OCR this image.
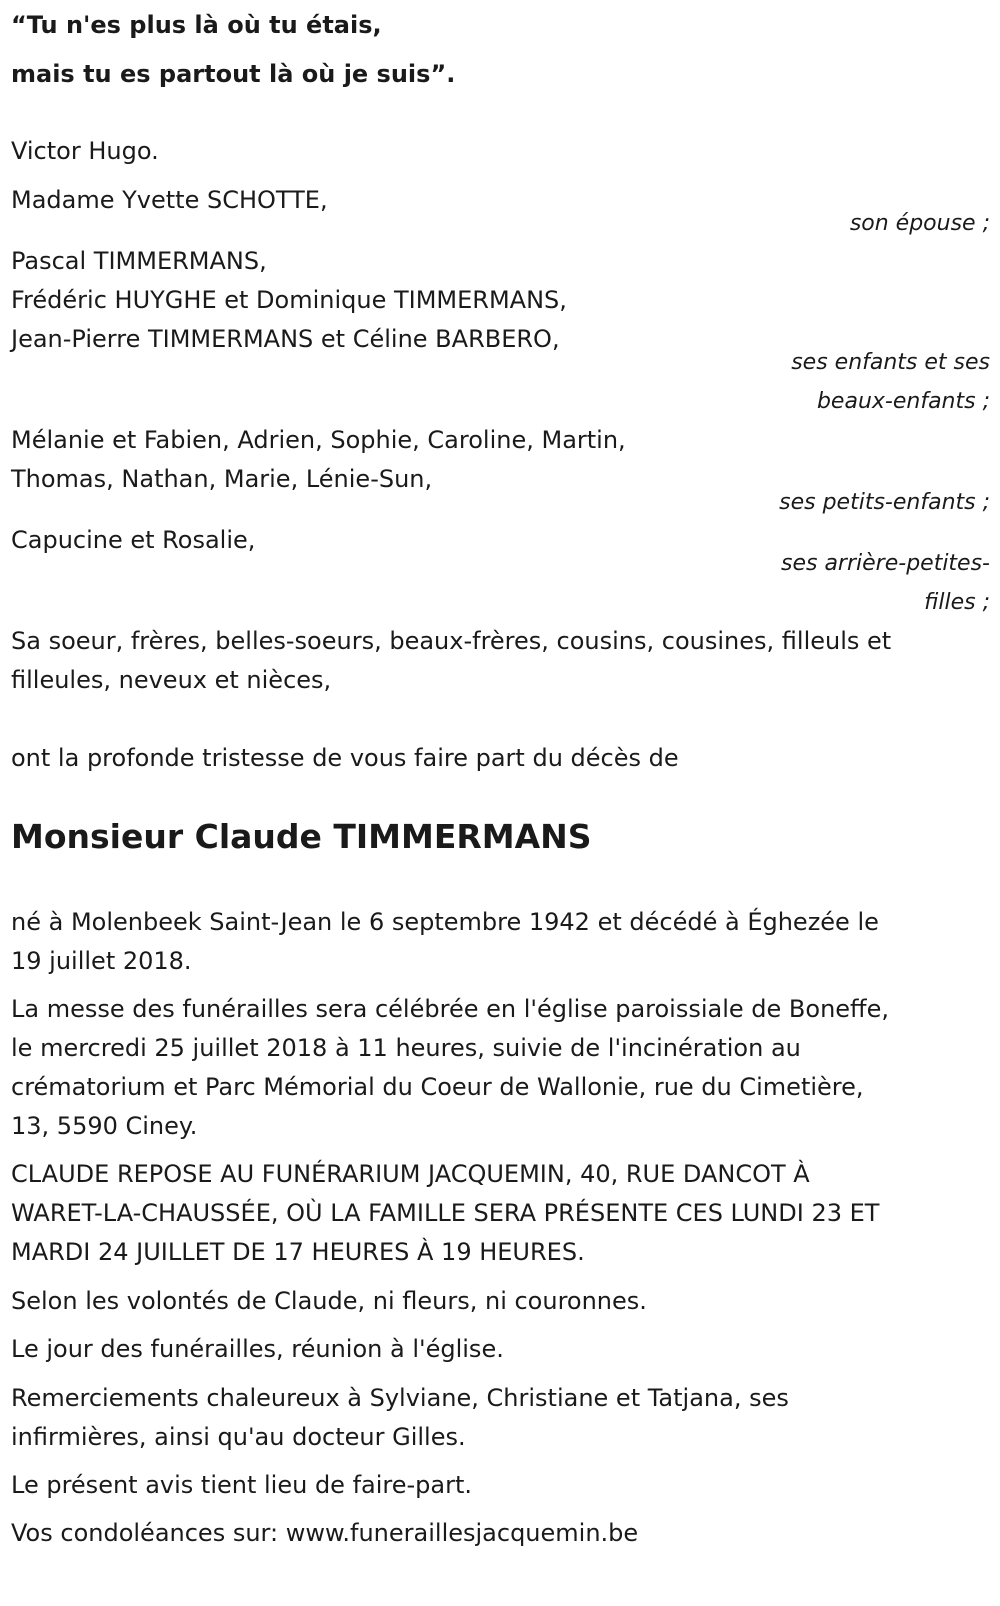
“Tu n'es plus là où tu étais,
mais tu es partout là où je suis”.
Victor Hugo.
Madame Yvette SCHOTTE,
son épouse ;
Pascal TIMMERMANS,
Frédéric HUYGHE et Dominique TIMMERMANS,
Jean-Pierre TIMMERMANS et Céline BARBERO,
ses enfants et ses
beaux-enfants ;
Mélanie et Fabien, Adrien, Sophie, Caroline, Martin,
Thomas, Nathan, Marie, Lénie-Sun,
ses petits-enfants ;
Capucine et Rosalie,
ses arrière-petites-
filles ;
Sa soeur, frères, belles-soeurs, beaux-frères, cousins, cousines, filleuls et
filleules, neveux et nièces,
ont la profonde tristesse de vous faire part du décès de
Monsieur Claude TIMMERMANS
né à Molenbeek Saint-Jean le 6 septembre 1942 et décédé à Éghezée le
19 juillet 2018.
La messe des funérailles sera célébrée en l'église paroissiale de Boneffe,
le mercredi 25 juillet 2018 à 11 heures, suivie de l'incinération au
crématorium et Parc Mémorial du Coeur de Wallonie, rue du Cimetière,
13, 5590 Ciney.
CLAUDE REPOSE AU FUNÉRARIUM JACQUEMIN, 40, RUE DANCOT À
WARET-LA-CHAUSSÉE, OÙ LA FAMILLE SERA PRÉSENTE CES LUNDI 23 ET
MARDI 24 JUILLET DE 17 HEURES À 19 HEURES.
Selon les volontés de Claude, ni fleurs, ni couronnes.
Le jour des funérailles, réunion à l'église.
Remerciements chaleureux à Sylviane, Christiane et Tatjana, ses
infirmières, ainsi qu'au docteur Gilles.
Le présent avis tient lieu de faire-part.
Vos condoléances sur: www.funeraillesjacquemin.be
